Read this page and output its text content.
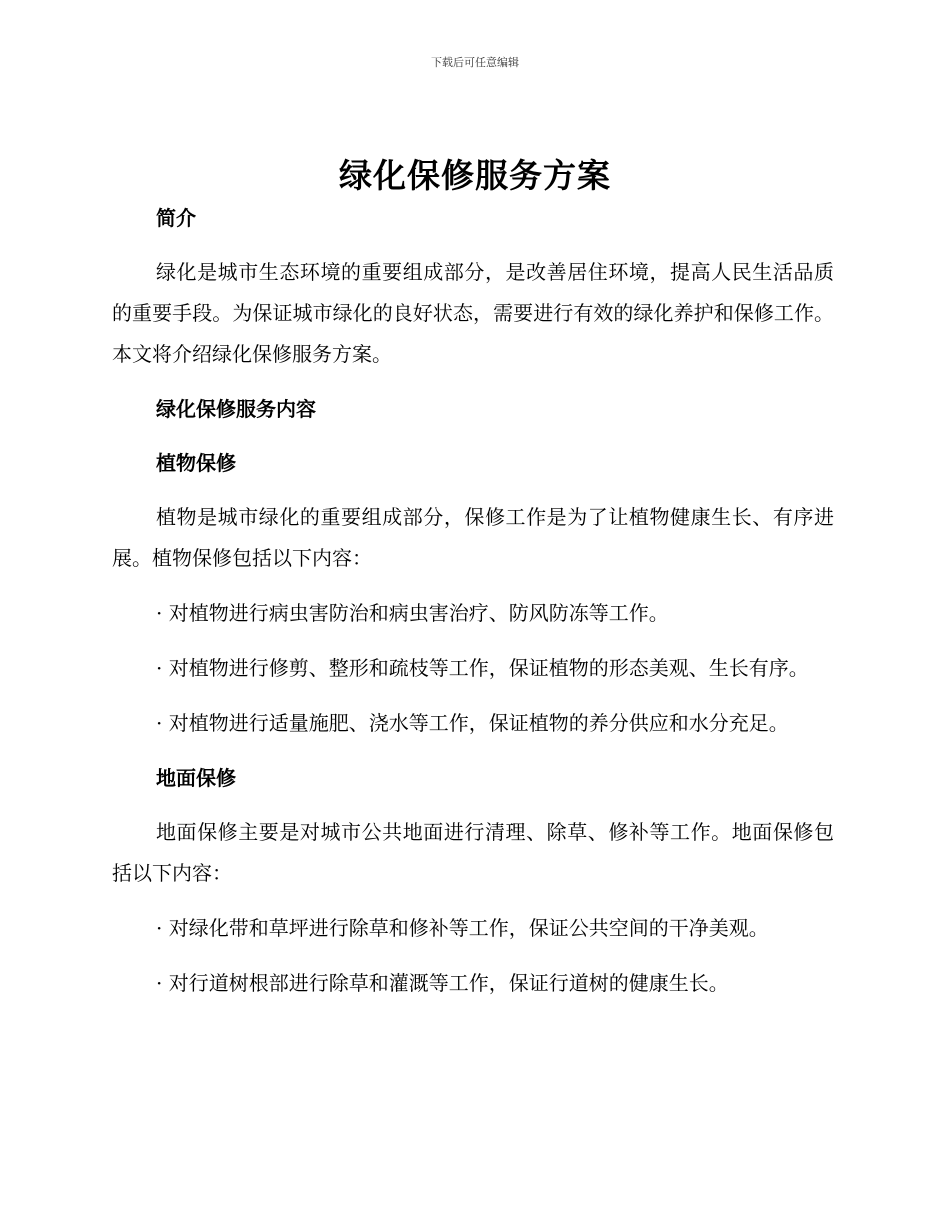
下载后可任意编辑
绿化保修服务方案
简介

绿化是城市生态环境的重要组成部分，是改善居住环境，提高人民生活品质的重要手段。为保证城市绿化的良好状态，需要进行有效的绿化养护和保修工作。本文将介绍绿化保修服务方案。

绿化保修服务内容
植物保修

植物是城市绿化的重要组成部分，保修工作是为了让植物健康生长、有序进展。植物保修包括以下内容：

· 对植物进行病虫害防治和病虫害治疗、防风防冻等工作。

· 对植物进行修剪、整形和疏枝等工作，保证植物的形态美观、生长有序。

· 对植物进行适量施肥、浇水等工作，保证植物的养分供应和水分充足。

地面保修

地面保修主要是对城市公共地面进行清理、除草、修补等工作。地面保修包括以下内容：

· 对绿化带和草坪进行除草和修补等工作，保证公共空间的干净美观。

· 对行道树根部进行除草和灌溉等工作，保证行道树的健康生长。
